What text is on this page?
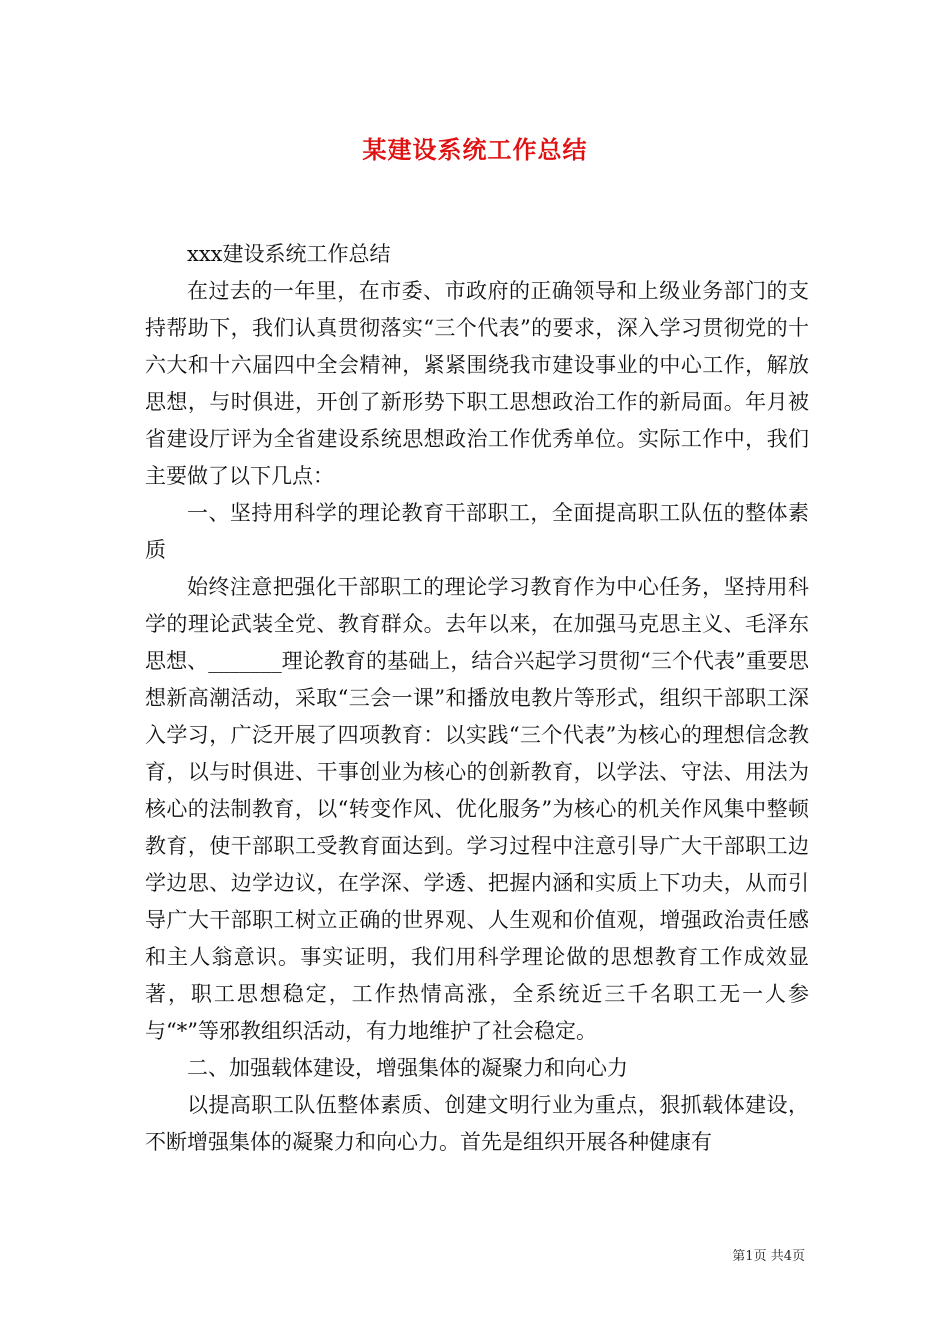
某建设系统工作总结

xxx建设系统工作总结

在过去的一年里，在市委、市政府的正确领导和上级业务部门的支持帮助下，我们认真贯彻落实“三个代表”的要求，深入学习贯彻党的十六大和十六届四中全会精神，紧紧围绕我市建设事业的中心工作，解放思想，与时俱进，开创了新形势下职工思想政治工作的新局面。年月被省建设厅评为全省建设系统思想政治工作优秀单位。实际工作中，我们主要做了以下几点：

一、坚持用科学的理论教育干部职工，全面提高职工队伍的整体素质

始终注意把强化干部职工的理论学习教育作为中心任务，坚持用科学的理论武装全党、教育群众。去年以来，在加强马克思主义、毛泽东思想、_______理论教育的基础上，结合兴起学习贯彻“三个代表”重要思想新高潮活动，采取“三会一课”和播放电教片等形式，组织干部职工深入学习，广泛开展了四项教育：以实践“三个代表”为核心的理想信念教育，以与时俱进、干事创业为核心的创新教育，以学法、守法、用法为核心的法制教育，以“转变作风、优化服务”为核心的机关作风集中整顿教育，使干部职工受教育面达到。学习过程中注意引导广大干部职工边学边思、边学边议，在学深、学透、把握内涵和实质上下功夫，从而引导广大干部职工树立正确的世界观、人生观和价值观，增强政治责任感和主人翁意识。事实证明，我们用科学理论做的思想教育工作成效显著，职工思想稳定，工作热情高涨，全系统近三千名职工无一人参与“*”等邪教组织活动，有力地维护了社会稳定。

二、加强载体建设，增强集体的凝聚力和向心力

以提高职工队伍整体素质、创建文明行业为重点，狠抓载体建设，不断增强集体的凝聚力和向心力。首先是组织开展各种健康有

第1页 共4页
